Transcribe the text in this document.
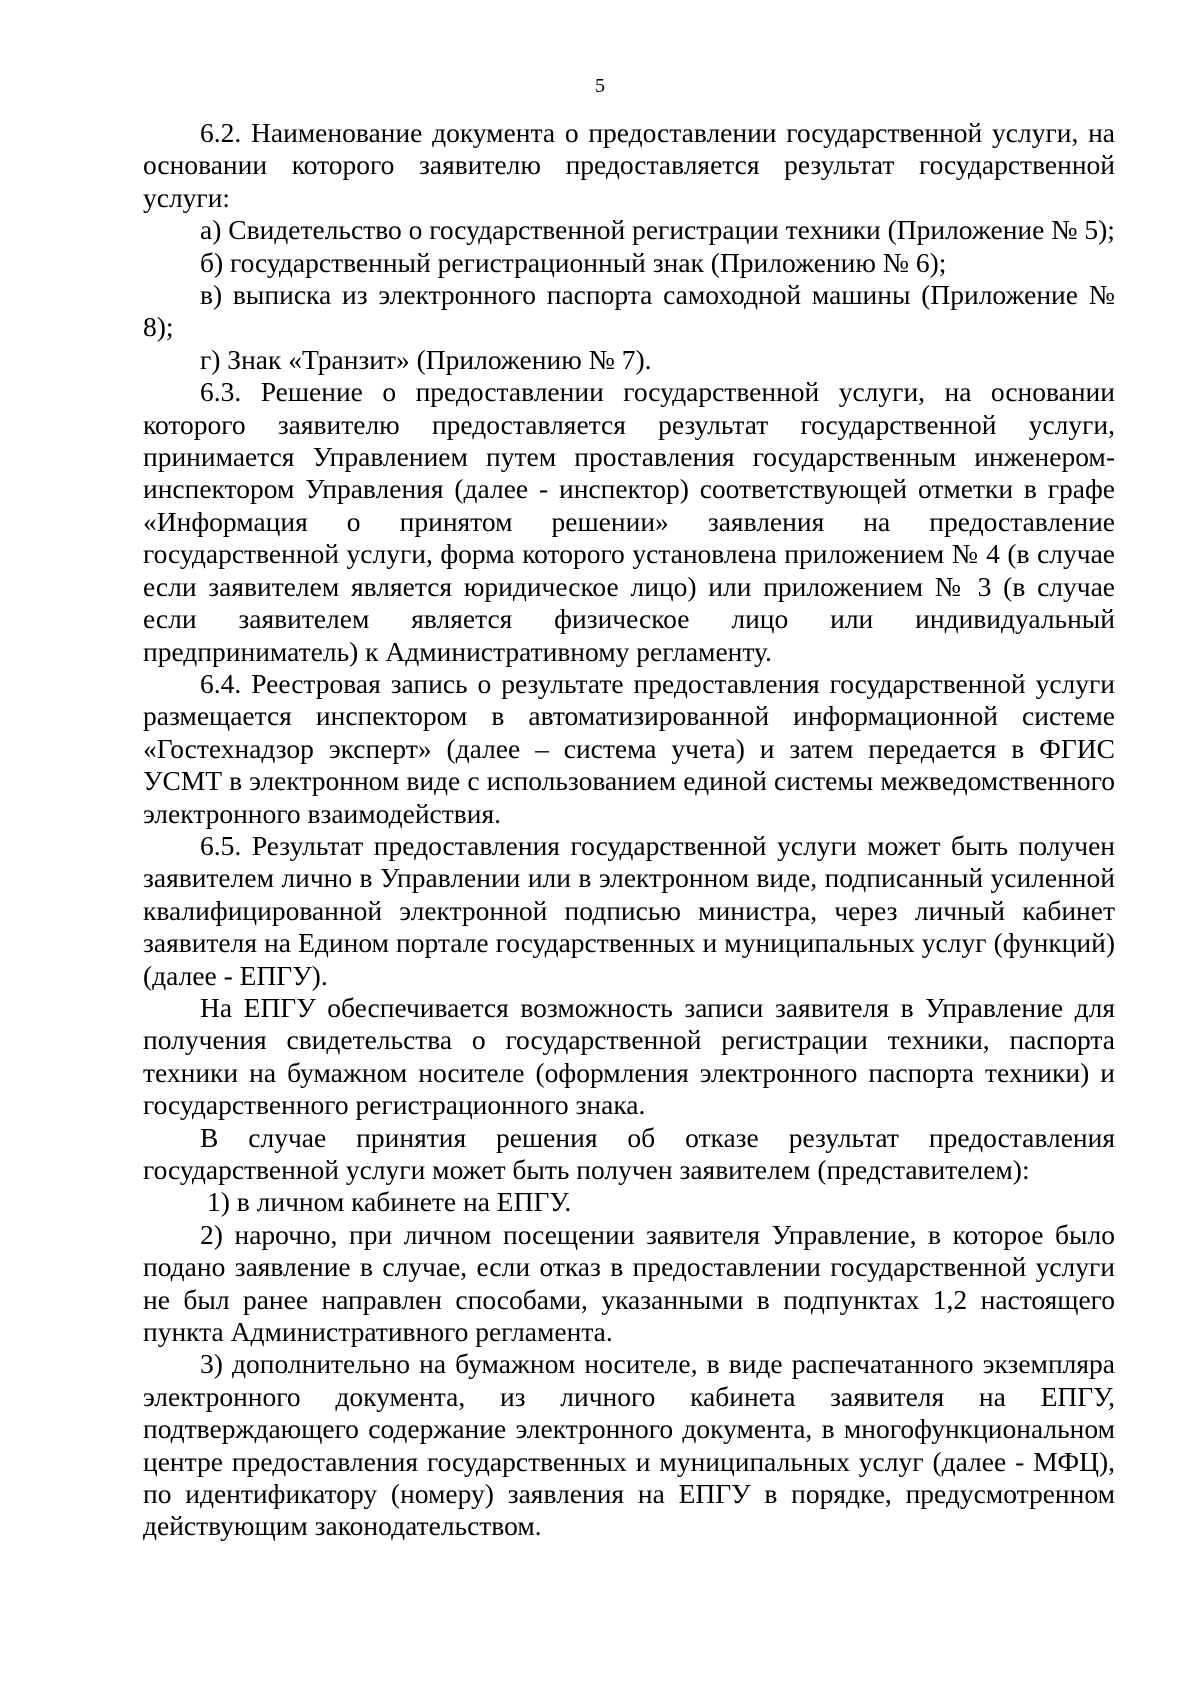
5

6.2. Наименование документа о предоставлении государственной услуги, на основании которого заявителю предоставляется результат государственной услуги:

а) Свидетельство о государственной регистрации техники (Приложение № 5);

б) государственный регистрационный знак (Приложению № 6);

в) выписка из электронного паспорта самоходной машины (Приложение № 8);

г) Знак «Транзит» (Приложению № 7).

6.3. Решение о предоставлении государственной услуги, на основании которого заявителю предоставляется результат государственной услуги, принимается Управлением путем проставления государственным инженером-инспектором Управления (далее - инспектор) соответствующей отметки в графе «Информация о принятом решении» заявления на предоставление государственной услуги, форма которого установлена приложением № 4 (в случае если заявителем является юридическое лицо) или приложением № 3 (в случае если заявителем является физическое лицо или индивидуальный предприниматель) к Административному регламенту.

6.4. Реестровая запись о результате предоставления государственной услуги размещается инспектором в автоматизированной информационной системе «Гостехнадзор эксперт» (далее – система учета) и затем передается в ФГИС УСМТ в электронном виде с использованием единой системы межведомственного электронного взаимодействия.

6.5. Результат предоставления государственной услуги может быть получен заявителем лично в Управлении или в электронном виде, подписанный усиленной квалифицированной электронной подписью министра, через личный кабинет заявителя на Едином портале государственных и муниципальных услуг (функций) (далее - ЕПГУ).

На ЕПГУ обеспечивается возможность записи заявителя в Управление для получения свидетельства о государственной регистрации техники, паспорта техники на бумажном носителе (оформления электронного паспорта техники) и государственного регистрационного знака.

В случае принятия решения об отказе результат предоставления государственной услуги может быть получен заявителем (представителем):

1) в личном кабинете на ЕПГУ.

2) нарочно, при личном посещении заявителя Управление, в которое было подано заявление в случае, если отказ в предоставлении государственной услуги не был ранее направлен способами, указанными в подпунктах 1,2 настоящего пункта Административного регламента.

3) дополнительно на бумажном носителе, в виде распечатанного экземпляра электронного документа, из личного кабинета заявителя на ЕПГУ, подтверждающего содержание электронного документа, в многофункциональном центре предоставления государственных и муниципальных услуг (далее - МФЦ), по идентификатору (номеру) заявления на ЕПГУ в порядке, предусмотренном действующим законодательством.
